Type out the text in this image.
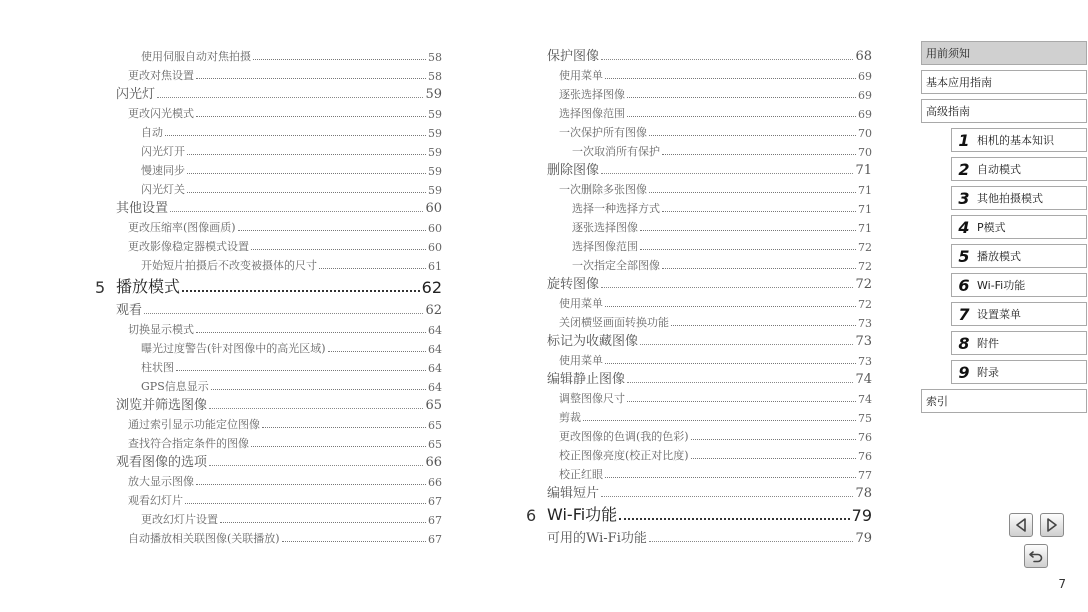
使用伺服自动对焦拍摄	58
更改对焦设置	58
闪光灯	59
更改闪光模式	59
自动	59
闪光灯开	59
慢速同步	59
闪光灯关	59
其他设置	60
更改压缩率(图像画质)	60
更改影像稳定器模式设置	60
开始短片拍摄后不改变被摄体的尺寸	61
5 播放模式	62
观看	62
切换显示模式	64
曝光过度警告(针对图像中的高光区域)	64
柱状图	64
GPS信息显示	64
浏览并筛选图像	65
通过索引显示功能定位图像	65
查找符合指定条件的图像	65
观看图像的选项	66
放大显示图像	66
观看幻灯片	67
更改幻灯片设置	67
自动播放相关联图像(关联播放)	67
保护图像	68
使用菜单	69
逐张选择图像	69
选择图像范围	69
一次保护所有图像	70
一次取消所有保护	70
删除图像	71
一次删除多张图像	71
选择一种选择方式	71
逐张选择图像	71
选择图像范围	72
一次指定全部图像	72
旋转图像	72
使用菜单	72
关闭横竖画面转换功能	73
标记为收藏图像	73
使用菜单	73
编辑静止图像	74
调整图像尺寸	74
剪裁	75
更改图像的色调(我的色彩)	76
校正图像亮度(校正对比度)	76
校正红眼	77
编辑短片	78
6 Wi-Fi功能	79
可用的Wi-Fi功能	79
用前须知
基本应用指南
高级指南
1 相机的基本知识
2 自动模式
3 其他拍摄模式
4 P模式
5 播放模式
6 Wi-Fi功能
7 设置菜单
8 附件
9 附录
索引
7
